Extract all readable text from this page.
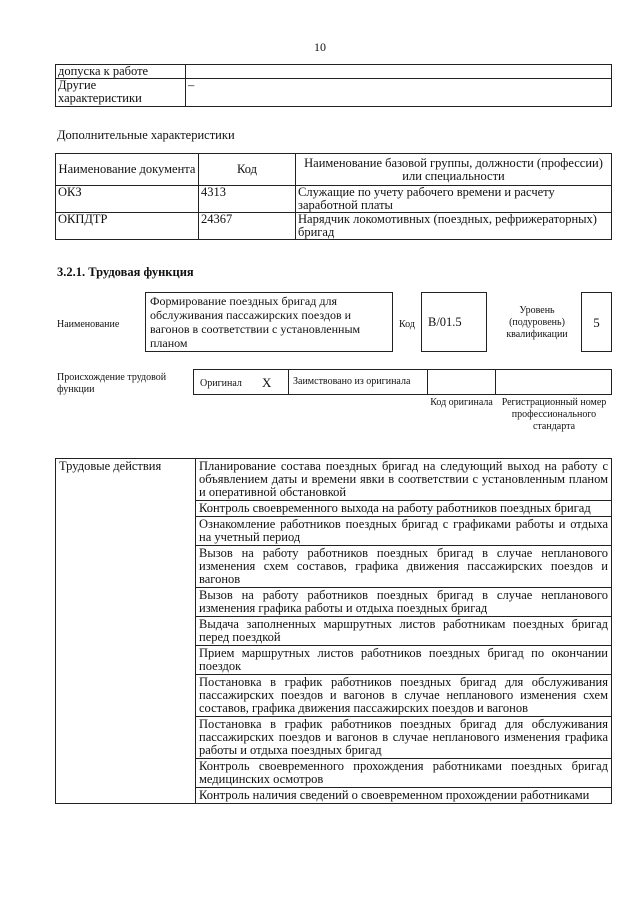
10
допуска к работе	
Другие характеристики	–
Дополнительные характеристики
Наименование документа	Код	Наименование базовой группы, должности (профессии) или специальности
ОКЗ	4313	Служащие по учету рабочего времени и расчету заработной платы
ОКПДТР	24367	Нарядчик локомотивных (поездных, рефрижераторных) бригад
3.2.1. Трудовая функция
Наименование
Формирование поездных бригад для обслуживания пассажирских поездов и вагонов в соответствии с установленным планом
Код	В/01.5
Уровень (подуровень) квалификации
5
Происхождение трудовой функции
Оригинал X	Заимствовано из оригинала
Код оригинала Регистрационный номер профессионального стандарта
Трудовые действия	Планирование состава поездных бригад на следующий выход на работу с объявлением даты и времени явки в соответствии с установленным планом и оперативной обстановкой
Контроль своевременного выхода на работу работников поездных бригад
Ознакомление работников поездных бригад с графиками работы и отдыха на учетный период
Вызов на работу работников поездных бригад в случае непланового изменения схем составов, графика движения пассажирских поездов и вагонов
Вызов на работу работников поездных бригад в случае непланового изменения графика работы и отдыха поездных бригад
Выдача заполненных маршрутных листов работникам поездных бригад перед поездкой
Прием маршрутных листов работников поездных бригад по окончании поездок
Постановка в график работников поездных бригад для обслуживания пассажирских поездов и вагонов в случае непланового изменения схем составов, графика движения пассажирских поездов и вагонов
Постановка в график работников поездных бригад для обслуживания пассажирских поездов и вагонов в случае непланового изменения графика работы и отдыха поездных бригад
Контроль своевременного прохождения работниками поездных бригад медицинских осмотров
Контроль наличия сведений о своевременном прохождении работниками
